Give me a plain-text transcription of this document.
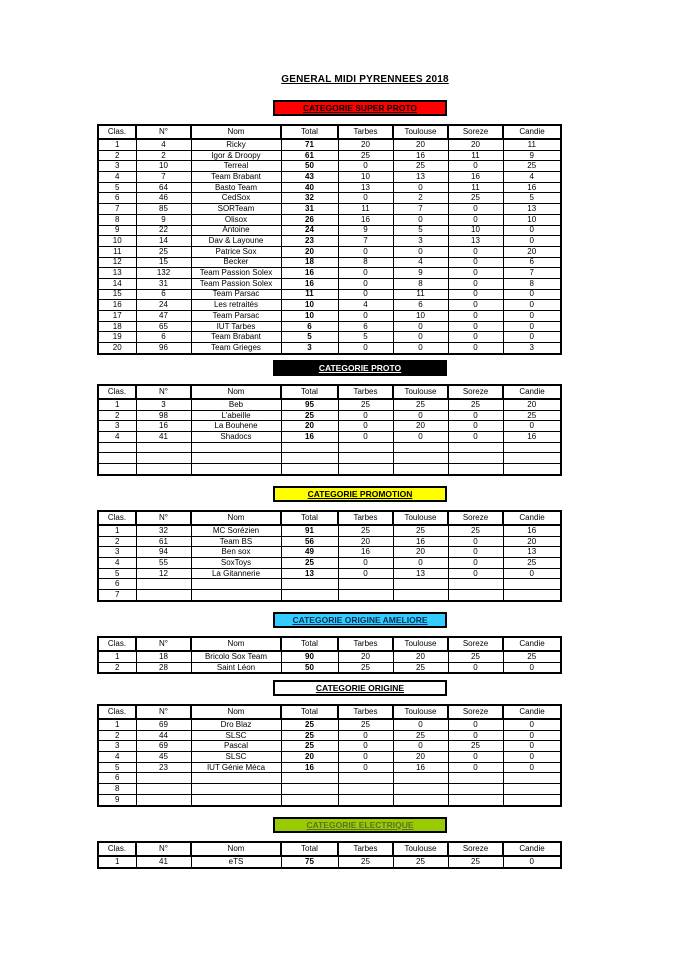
GENERAL MIDI PYRENNEES 2018
CATEGORIE SUPER PROTO
Clas.	N°	Nom	Total	Tarbes	Toulouse	Soreze	Candie
1	4	Ricky	71	20	20	20	11
2	2	Igor & Droopy	61	25	16	11	9
3	10	Terreal	50	0	25	0	25
4	7	Team Brabant	43	10	13	16	4
5	64	Basto Team	40	13	0	11	16
6	46	CedSox	32	0	2	25	5
7	85	SORTeam	31	11	7	0	13
8	9	Olisox	26	16	0	0	10
9	22	Antoine	24	9	5	10	0
10	14	Dav & Layoune	23	7	3	13	0
11	25	Patrice Sox	20	0	0	0	20
12	15	Becker	18	8	4	0	6
13	132	Team Passion Solex	16	0	9	0	7
14	31	Team Passion Solex	16	0	8	0	8
15	6	Team Parsac	11	0	11	0	0
16	24	Les retraités	10	4	6	0	0
17	47	Team Parsac	10	0	10	0	0
18	65	IUT Tarbes	6	6	0	0	0
19	6	Team Brabant	5	5	0	0	0
20	96	Team Grieges	3	0	0	0	3
CATEGORIE PROTO
Clas.	N°	Nom	Total	Tarbes	Toulouse	Soreze	Candie
1	3	Beb	95	25	25	25	20
2	98	L'abeille	25	0	0	0	25
3	16	La Bouhene	20	0	20	0	0
4	41	Shadocs	16	0	0	0	16

CATEGORIE PROMOTION
Clas.	N°	Nom	Total	Tarbes	Toulouse	Soreze	Candie
1	32	MC Sorézien	91	25	25	25	16
2	61	Team BS	56	20	16	0	20
3	94	Ben sox	49	16	20	0	13
4	55	SoxToys	25	0	0	0	25
5	12	La Gitannerie	13	0	13	0	0
6							
7							
CATEGORIE ORIGINE AMELIORE
Clas.	N°	Nom	Total	Tarbes	Toulouse	Soreze	Candie
1	18	Bricolo Sox Team	90	20	20	25	25
2	28	Saint Léon	50	25	25	0	0
CATEGORIE ORIGINE
Clas.	N°	Nom	Total	Tarbes	Toulouse	Soreze	Candie
1	69	Dro Blaz	25	25	0	0	0
2	44	SLSC	25	0	25	0	0
3	69	Pascal	25	0	0	25	0
4	45	SLSC	20	0	20	0	0
5	23	IUT Génie Méca	16	0	16	0	0
6							
8							
9							
CATEGORIE ELECTRIQUE
Clas.	N°	Nom	Total	Tarbes	Toulouse	Soreze	Candie
1	41	eTS	75	25	25	25	0
